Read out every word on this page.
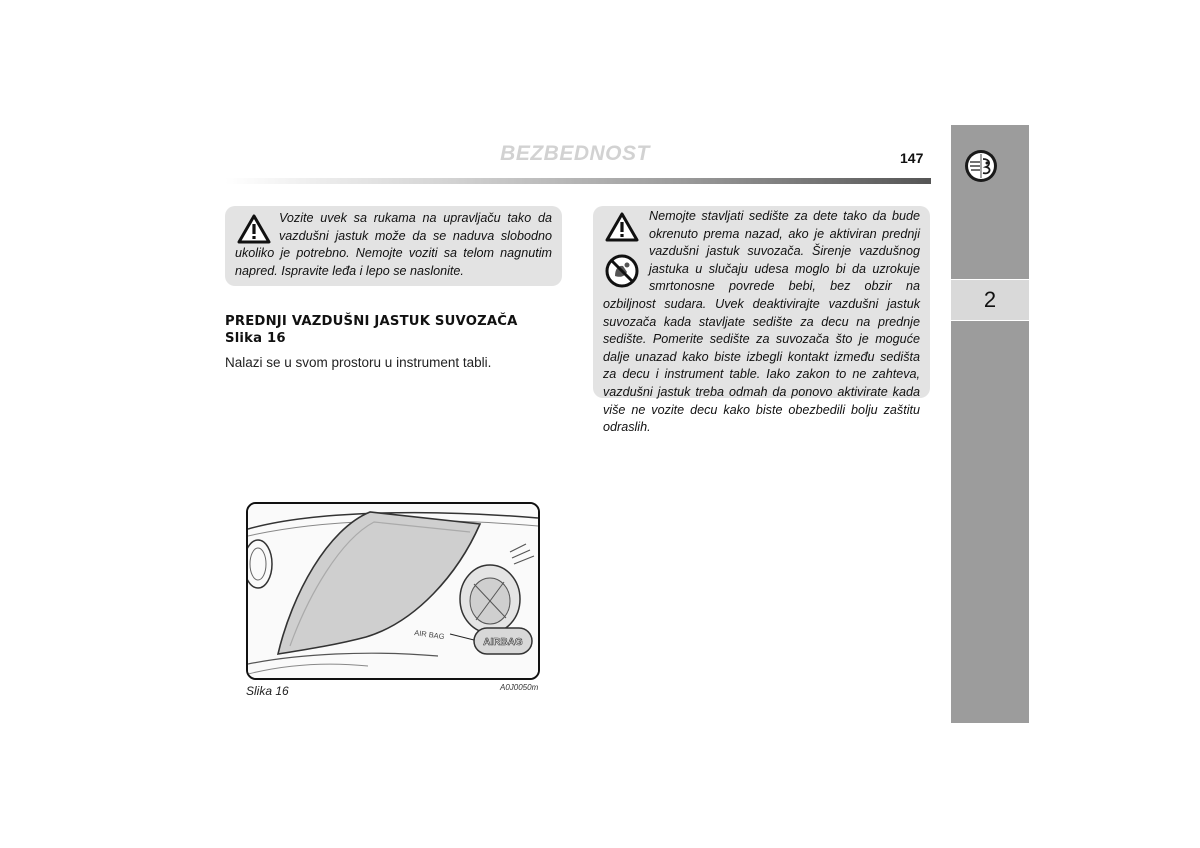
BEZBEDNOST	147
2

Vozite uvek sa rukama na upravljaču tako da vazdušni jastuk može da se naduva slobodno ukoliko je potrebno. Nemojte voziti sa telom nagnutim napred. Ispravite leđa i lepo se naslonite.

Nemojte stavljati sedište za dete tako da bude okrenuto prema nazad, ako je aktiviran prednji vazdušni jastuk suvozača. Širenje vazdušnog jastuka u slučaju udesa moglo bi da uzrokuje smrtonosne povrede bebi, bez obzir na ozbiljnost sudara. Uvek deaktivirajte vazdušni jastuk suvozača kada stavljate sedište za decu na prednje sedište. Pomerite sedište za suvozača što je moguće dalje unazad kako biste izbegli kontakt između sedišta za decu i instrument table. Iako zakon to ne zahteva, vazdušni jastuk treba odmah da ponovo aktivirate kada više ne vozite decu kako biste obezbedili bolju zaštitu odraslih.

PREDNJI VAZDUŠNI JASTUK SUVOZAČA
Slika 16
Nalazi se u svom prostoru u instrument tabli.
AIR BAG
AIRBAG
Slika 16	A0J0050m
